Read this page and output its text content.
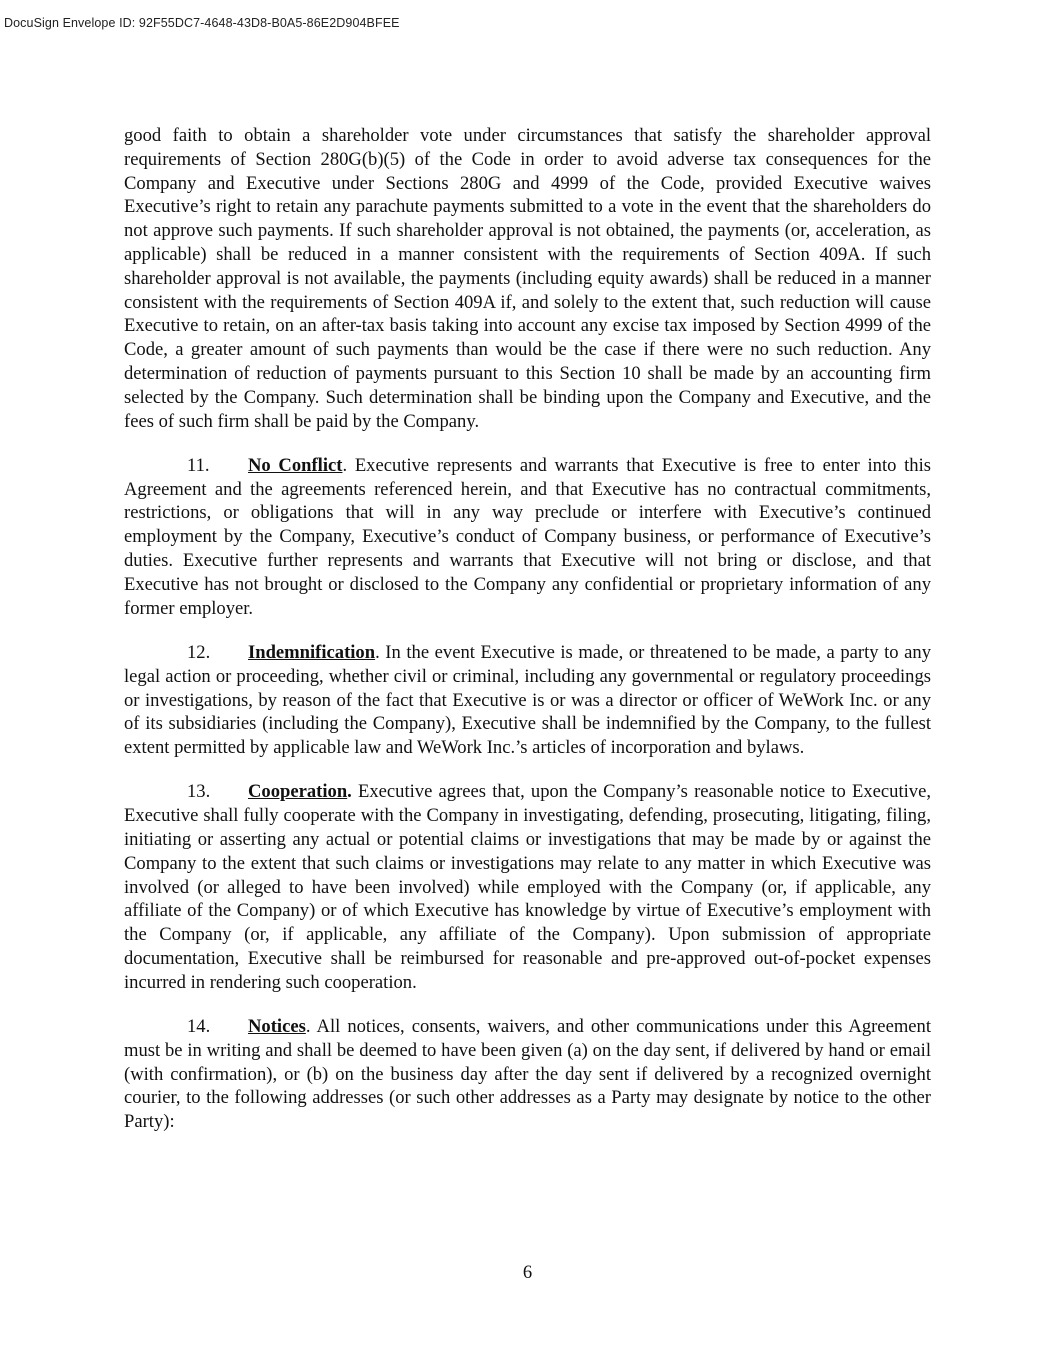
DocuSign Envelope ID: 92F55DC7-4648-43D8-B0A5-86E2D904BFEE

good faith to obtain a shareholder vote under circumstances that satisfy the shareholder approval requirements of Section 280G(b)(5) of the Code in order to avoid adverse tax consequences for the Company and Executive under Sections 280G and 4999 of the Code, provided Executive waives Executive’s right to retain any parachute payments submitted to a vote in the event that the shareholders do not approve such payments. If such shareholder approval is not obtained, the payments (or, acceleration, as applicable) shall be reduced in a manner consistent with the requirements of Section 409A. If such shareholder approval is not available, the payments (including equity awards) shall be reduced in a manner consistent with the requirements of Section 409A if, and solely to the extent that, such reduction will cause Executive to retain, on an after-tax basis taking into account any excise tax imposed by Section 4999 of the Code, a greater amount of such payments than would be the case if there were no such reduction. Any determination of reduction of payments pursuant to this Section 10 shall be made by an accounting firm selected by the Company. Such determination shall be binding upon the Company and Executive, and the fees of such firm shall be paid by the Company.

11. No Conflict. Executive represents and warrants that Executive is free to enter into this Agreement and the agreements referenced herein, and that Executive has no contractual commitments, restrictions, or obligations that will in any way preclude or interfere with Executive’s continued employment by the Company, Executive’s conduct of Company business, or performance of Executive’s duties. Executive further represents and warrants that Executive will not bring or disclose, and that Executive has not brought or disclosed to the Company any confidential or proprietary information of any former employer.

12. Indemnification. In the event Executive is made, or threatened to be made, a party to any legal action or proceeding, whether civil or criminal, including any governmental or regulatory proceedings or investigations, by reason of the fact that Executive is or was a director or officer of WeWork Inc. or any of its subsidiaries (including the Company), Executive shall be indemnified by the Company, to the fullest extent permitted by applicable law and WeWork Inc.’s articles of incorporation and bylaws.

13. Cooperation. Executive agrees that, upon the Company’s reasonable notice to Executive, Executive shall fully cooperate with the Company in investigating, defending, prosecuting, litigating, filing, initiating or asserting any actual or potential claims or investigations that may be made by or against the Company to the extent that such claims or investigations may relate to any matter in which Executive was involved (or alleged to have been involved) while employed with the Company (or, if applicable, any affiliate of the Company) or of which Executive has knowledge by virtue of Executive’s employment with the Company (or, if applicable, any affiliate of the Company). Upon submission of appropriate documentation, Executive shall be reimbursed for reasonable and pre-approved out-of-pocket expenses incurred in rendering such cooperation.

14. Notices. All notices, consents, waivers, and other communications under this Agreement must be in writing and shall be deemed to have been given (a) on the day sent, if delivered by hand or email (with confirmation), or (b) on the business day after the day sent if delivered by a recognized overnight courier, to the following addresses (or such other addresses as a Party may designate by notice to the other Party):

6
